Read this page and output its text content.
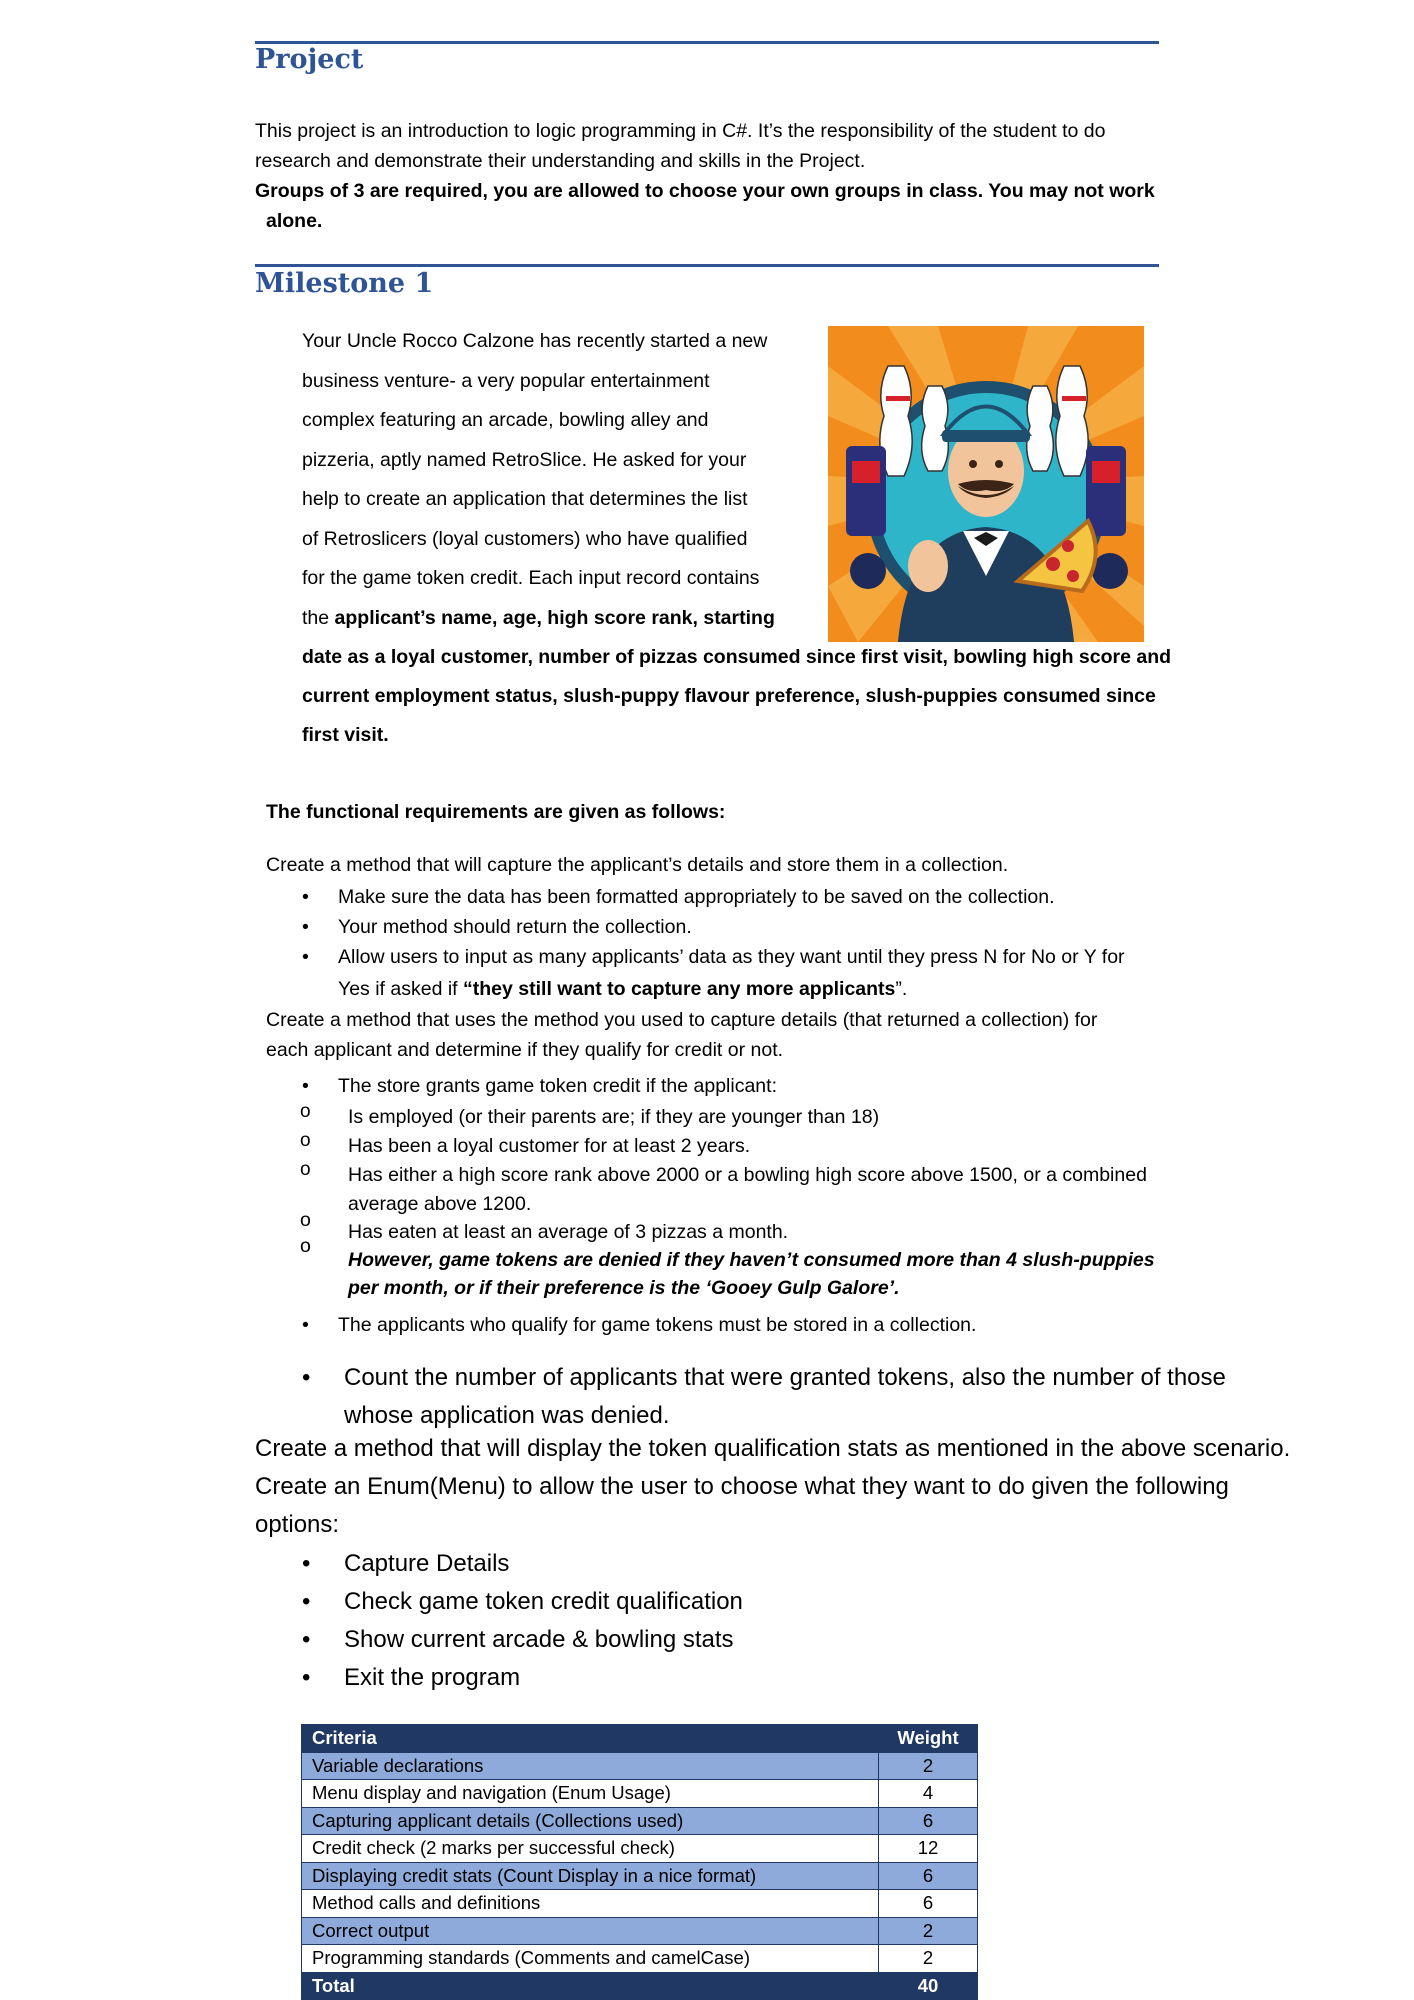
Project
This project is an introduction to logic programming in C#. It’s the responsibility of the student to do
research and demonstrate their understanding and skills in the Project.
Groups of 3 are required, you are allowed to choose your own groups in class. You may not work
alone.
Milestone 1
Your Uncle Rocco Calzone has recently started a new
business venture- a very popular entertainment
complex featuring an arcade, bowling alley and
pizzeria, aptly named RetroSlice. He asked for your
help to create an application that determines the list
of Retroslicers (loyal customers) who have qualified
for the game token credit. Each input record contains
the applicant’s name, age, high score rank, starting
date as a loyal customer, number of pizzas consumed since first visit, bowling high score and
current employment status, slush-puppy flavour preference, slush-puppies consumed since
first visit.
The functional requirements are given as follows:
Create a method that will capture the applicant’s details and store them in a collection.
• Make sure the data has been formatted appropriately to be saved on the collection.
• Your method should return the collection.
• Allow users to input as many applicants’ data as they want until they press N for No or Y for
Yes if asked if “they still want to capture any more applicants”.
Create a method that uses the method you used to capture details (that returned a collection) for
each applicant and determine if they qualify for credit or not.
• The store grants game token credit if the applicant:
o Is employed (or their parents are; if they are younger than 18)
o Has been a loyal customer for at least 2 years.
o Has either a high score rank above 2000 or a bowling high score above 1500, or a combined
average above 1200.
o
o
Has eaten at least an average of 3 pizzas a month.
However, game tokens are denied if they haven’t consumed more than 4 slush-puppies
per month, or if their preference is the ‘Gooey Gulp Galore’.
• The applicants who qualify for game tokens must be stored in a collection.
•	Count the number of applicants that were granted tokens, also the number of those
whose application was denied.
Create a method that will display the token qualification stats as mentioned in the above scenario.
Create an Enum(Menu) to allow the user to choose what they want to do given the following
options:
• Capture Details
• Check game token credit qualification
• Show current arcade & bowling stats
• Exit the program
Criteria	Weight
Variable declarations	2
Menu display and navigation (Enum Usage)	4
Capturing applicant details (Collections used)	6
Credit check (2 marks per successful check)	12
Displaying credit stats (Count Display in a nice format)	6
Method calls and definitions	6
Correct output	2
Programming standards (Comments and camelCase)	2
Total	40
